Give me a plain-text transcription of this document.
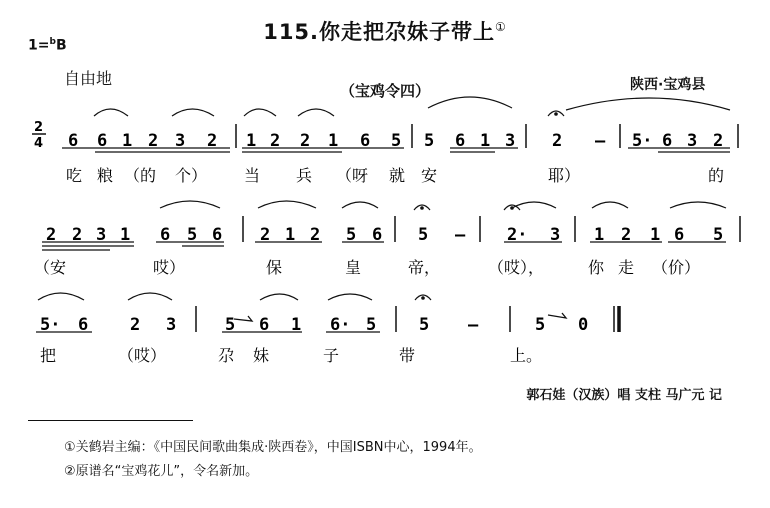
115.你走把尕妹子带上①
1=$^b$B
自由地
（宝鸡令四）	陕西·宝鸡县
2
4 6 6 1 2 3 2 1 2 2 1 6 5 5 6 1 3 2 – 5· 6 3 2
2 2 3 1 6 5 6 2 1 2 5 6 5 – 2· 3 1 2 1 6 5
5· 6 2 3	5 6 1 6· 5	5 –	5 0
吃 粮 （的 个） 当 兵 （呀 就 安	耶）	的
（安	哎）	保	皇	帝，	（哎），	你 走 （价）
把	（哎）	尕 妹	子	带	上。
郭石娃（汉族）唱 支柱 马广元 记
①关鹤岩主编：《中国民间歌曲集成·陕西卷》，中国ISBN中心，1994年。
②原谱名“宝鸡花儿”，令名新加。
